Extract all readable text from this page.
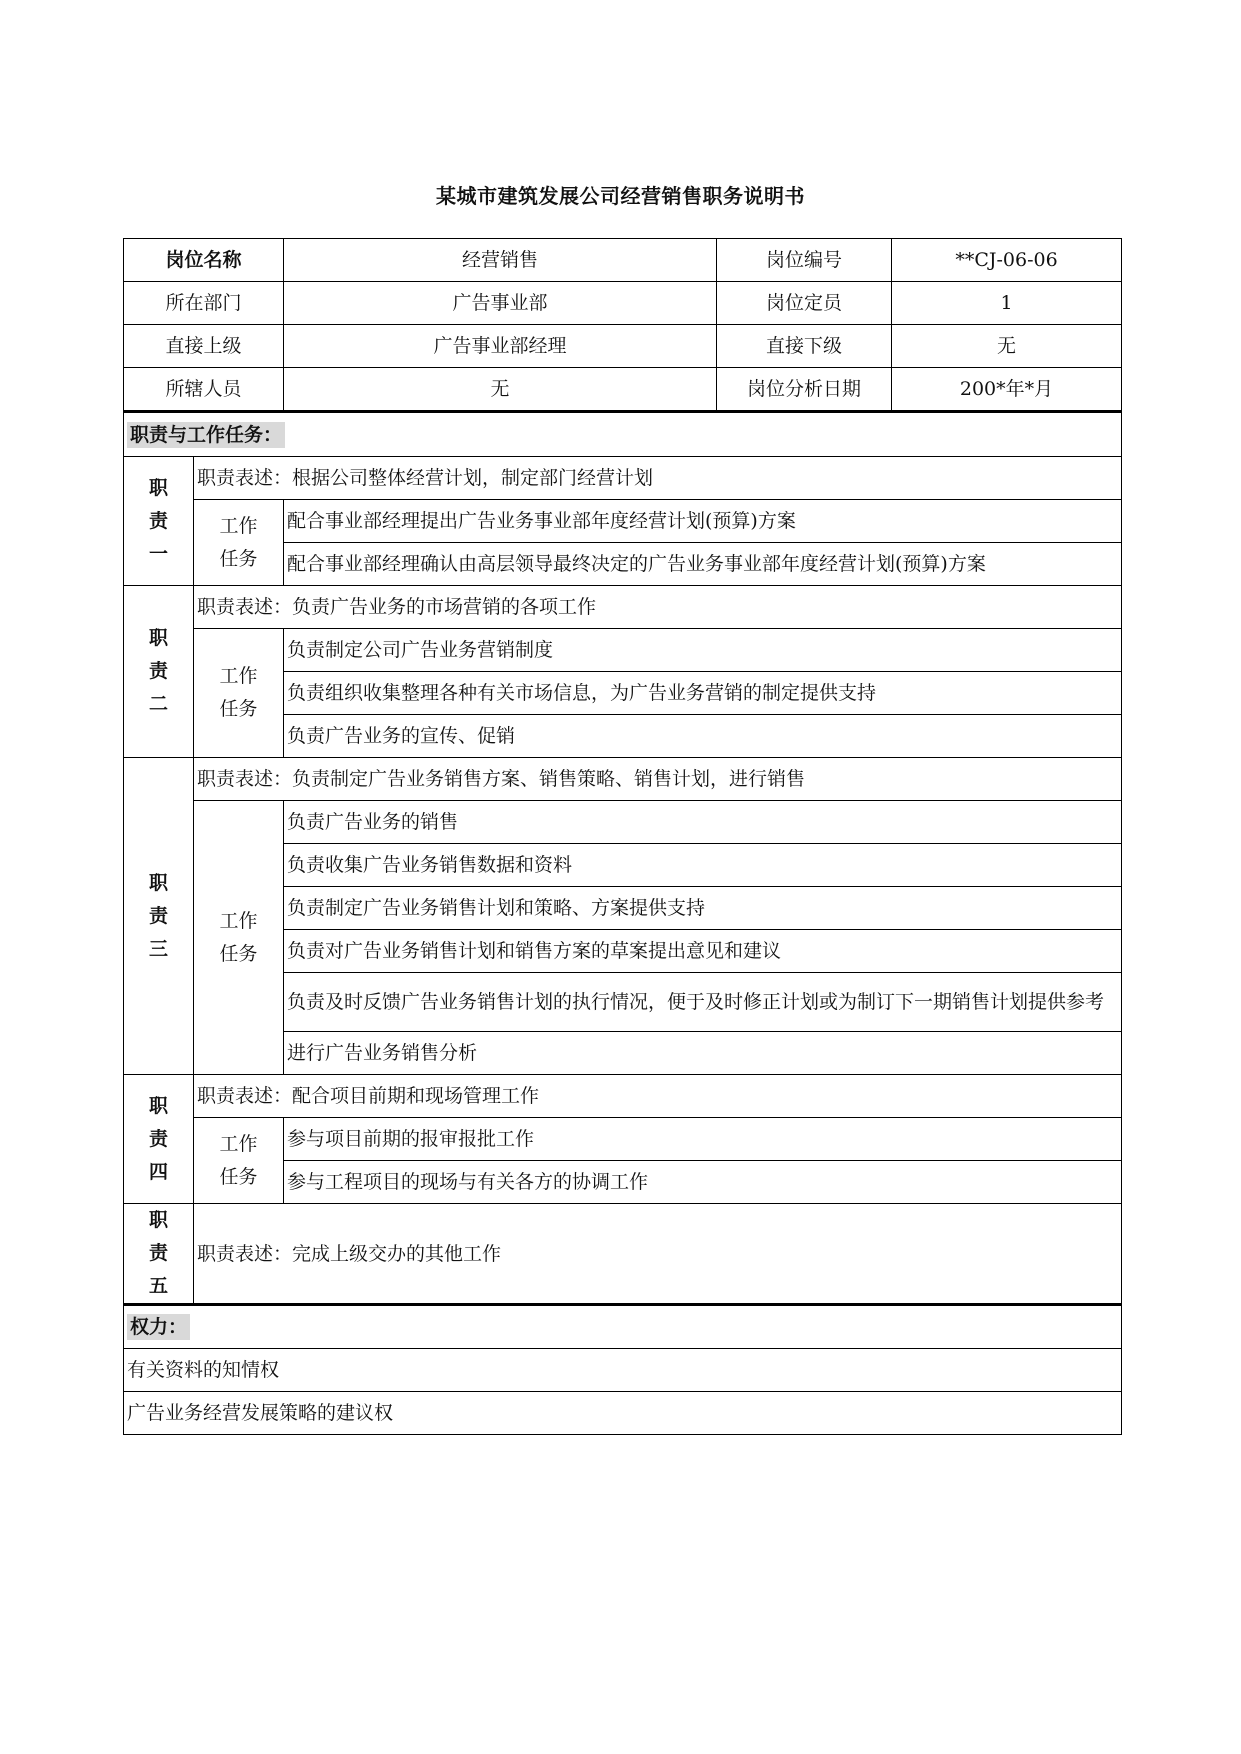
某城市建筑发展公司经营销售职务说明书
岗位名称		经营销售	岗位编号	**CJ-06-06
所在部门		广告事业部	岗位定员	1
直接上级		广告事业部经理	直接下级	无
所辖人员		无	岗位分析日期	200*年*月
职责与工作任务：				

职
责
一	职责表述：根据公司整体经营计划，制定部门经营计划			

	工作
任务	配合事业部经理提出广告业务事业部年度经营计划(预算)方案		
		配合事业部经理确认由高层领导最终决定的广告业务事业部年度经营计划(预算)方案		

职
责
二	职责表述：负责广告业务的市场营销的各项工作			

	工作
任务	负责制定公司广告业务营销制度		
		负责组织收集整理各种有关市场信息，为广告业务营销的制定提供支持		
		负责广告业务的宣传、促销		

职
责
三	职责表述：负责制定广告业务销售方案、销售策略、销售计划，进行销售			

	工作
任务	负责广告业务的销售		
		负责收集广告业务销售数据和资料		
		负责制定广告业务销售计划和策略、方案提供支持		
		负责对广告业务销售计划和销售方案的草案提出意见和建议		
		负责及时反馈广告业务销售计划的执行情况，便于及时修正计划或为制订下一期销售计划提供参考		
		进行广告业务销售分析		

职
责
四	职责表述：配合项目前期和现场管理工作			

	工作
任务	参与项目前期的报审报批工作		
		参与工程项目的现场与有关各方的协调工作		

职
责
五	职责表述：完成上级交办的其他工作			
权力：				
有关资料的知情权				
广告业务经营发展策略的建议权				
